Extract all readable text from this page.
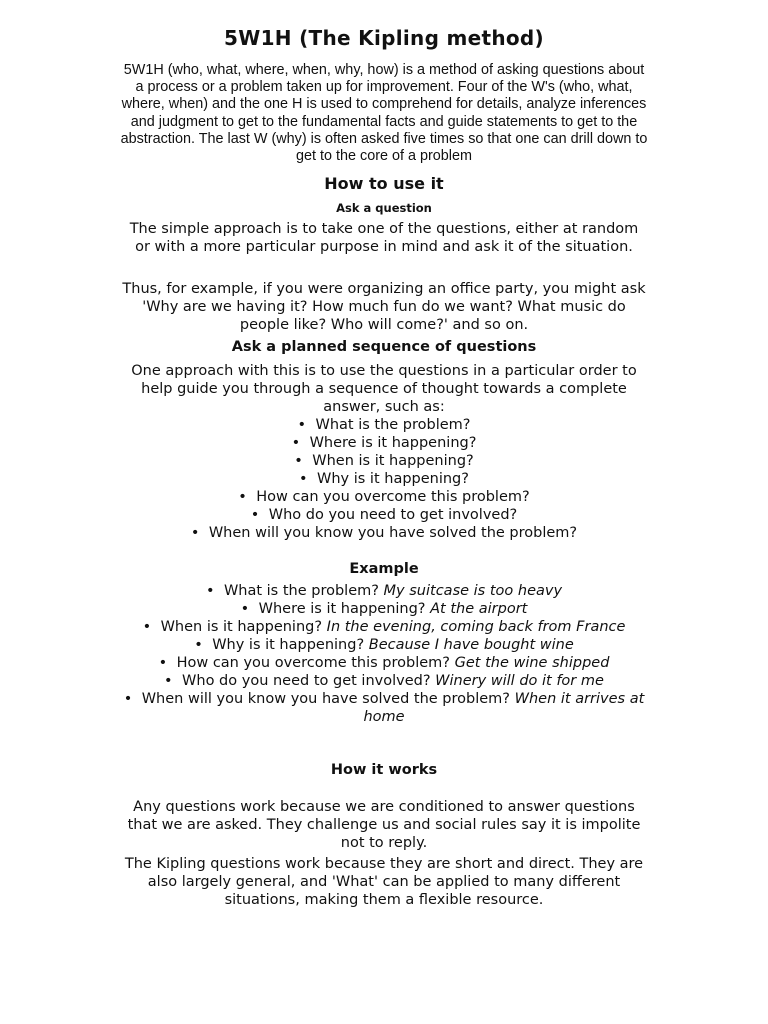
5W1H (The Kipling method)
5W1H (who, what, where, when, why, how) is a method of asking questions about a process or a problem taken up for improvement. Four of the W's (who, what, where, when) and the one H is used to comprehend for details, analyze inferences and judgment to get to the fundamental facts and guide statements to get to the abstraction. The last W (why) is often asked five times so that one can drill down to get to the core of a problem
How to use it
Ask a question
The simple approach is to take one of the questions, either at random or with a more particular purpose in mind and ask it of the situation.
Thus, for example, if you were organizing an office party, you might ask 'Why are we having it? How much fun do we want? What music do people like? Who will come?' and so on.
Ask a planned sequence of questions
One approach with this is to use the questions in a particular order to help guide you through a sequence of thought towards a complete answer, such as:
• What is the problem?
• Where is it happening?
• When is it happening?
• Why is it happening?
• How can you overcome this problem?
• Who do you need to get involved?
• When will you know you have solved the problem?
Example
• What is the problem? My suitcase is too heavy
• Where is it happening? At the airport
• When is it happening? In the evening, coming back from France
• Why is it happening? Because I have bought wine
• How can you overcome this problem? Get the wine shipped
• Who do you need to get involved? Winery will do it for me
• When will you know you have solved the problem? When it arrives at home
How it works
Any questions work because we are conditioned to answer questions that we are asked. They challenge us and social rules say it is impolite not to reply.
The Kipling questions work because they are short and direct. They are also largely general, and 'What' can be applied to many different situations, making them a flexible resource.
